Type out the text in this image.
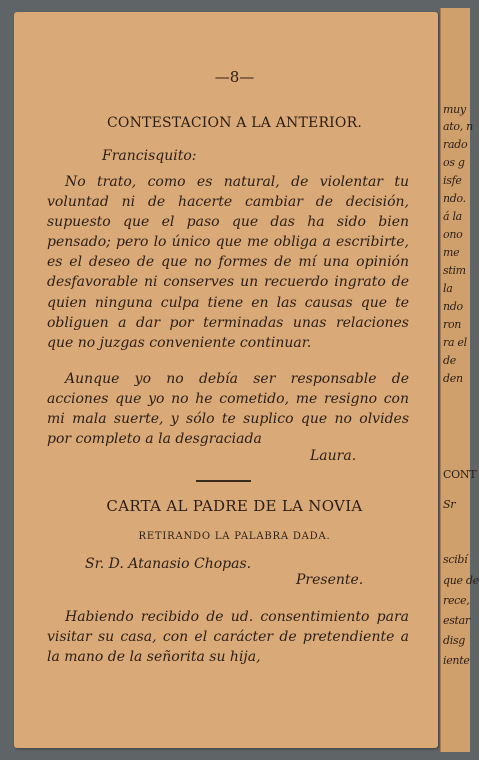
muy
ato, n
rado
os g
isfe
ndo.
á la
ono
me
stim
la
ndo
ron
ra el
de
den
CONT
Sr
scibí
que de
rece,
estar
disg
iente
—8—
CONTESTACION A LA ANTERIOR.
Francisquito:
No trato, como es natural, de violentar tu voluntad ni de hacerte cambiar de decisión, supuesto que el paso que das ha sido bien pensado; pero lo único que me obliga a escribirte, es el deseo de que no formes de mí una opinión desfavorable ni conserves un recuerdo ingrato de quien ninguna culpa tiene en las causas que te obliguen a dar por terminadas unas relaciones que no juzgas conveniente continuar.
Aunque yo no debía ser responsable de acciones que yo no he cometido, me resigno con mi mala suerte, y sólo te suplico que no olvides por completo a la desgraciada
Laura.
CARTA AL PADRE DE LA NOVIA
RETIRANDO LA PALABRA DADA.
Sr. D. Atanasio Chopas.
Presente.
Habiendo recibido de ud. consentimiento para visitar su casa, con el carácter de pretendiente a la mano de la señorita su hija,
